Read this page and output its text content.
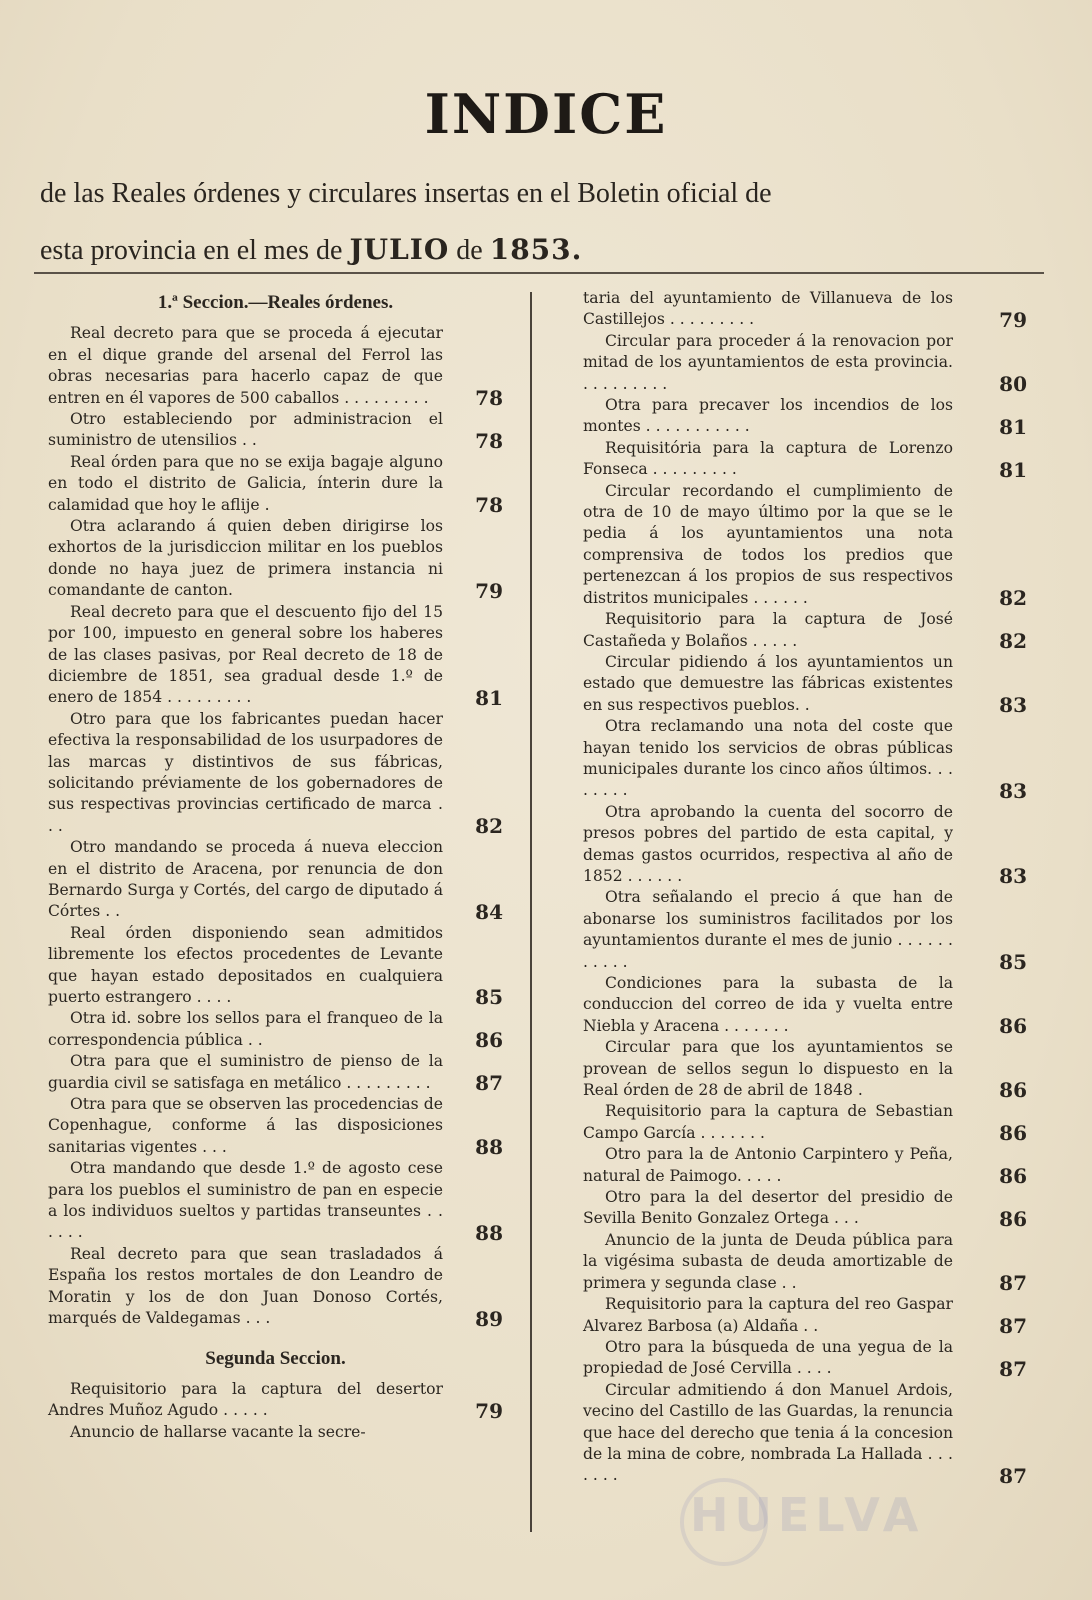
INDICE
de las Reales órdenes y circulares insertas en el Boletin oficial de
esta provincia en el mes de JULIO de 1853.
1.ª Seccion.—Reales órdenes.
Real decreto para que se proceda á ejecutar en el dique grande del arsenal del Ferrol las obras necesarias para hacerlo capaz de que entren en él vapores de 500 caballos . . . . . . . . .	78
Otro estableciendo por administracion el suministro de utensilios . .	78
Real órden para que no se exija bagaje alguno en todo el distrito de Galicia, ínterin dure la calamidad que hoy le aflije .	78
Otra aclarando á quien deben dirigirse los exhortos de la jurisdiccion militar en los pueblos donde no haya juez de primera instancia ni comandante de canton.	79
Real decreto para que el descuento fijo del 15 por 100, impuesto en general sobre los haberes de las clases pasivas, por Real decreto de 18 de diciembre de 1851, sea gradual desde 1.º de enero de 1854 . . . . . . . . .	81
Otro para que los fabricantes puedan hacer efectiva la responsabilidad de los usurpadores de las marcas y distintivos de sus fábricas, solicitando préviamente de los gobernadores de sus respectivas provincias certificado de marca . . .	82
Otro mandando se proceda á nueva eleccion en el distrito de Aracena, por renuncia de don Bernardo Surga y Cortés, del cargo de diputado á Córtes . .	84
Real órden disponiendo sean admitidos libremente los efectos procedentes de Levante que hayan estado depositados en cualquiera puerto estrangero . . . .	85
Otra id. sobre los sellos para el franqueo de la correspondencia pública . .	86
Otra para que el suministro de pienso de la guardia civil se satisfaga en metálico . . . . . . . . .	87
Otra para que se observen las procedencias de Copenhague, conforme á las disposiciones sanitarias vigentes . . .	88
Otra mandando que desde 1.º de agosto cese para los pueblos el suministro de pan en especie a los individuos sueltos y partidas transeuntes . . . . . .	88
Real decreto para que sean trasladados á España los restos mortales de don Leandro de Moratin y los de don Juan Donoso Cortés, marqués de Valdegamas . . .	89
Segunda Seccion.
Requisitorio para la captura del desertor Andres Muñoz Agudo . . . . .	79
Anuncio de hallarse vacante la secre-
taria del ayuntamiento de Villanueva de los Castillejos . . . . . . . . .	79
Circular para proceder á la renovacion por mitad de los ayuntamientos de esta provincia. . . . . . . . . .	80
Otra para precaver los incendios de los montes . . . . . . . . . . .	81
Requisitória para la captura de Lorenzo Fonseca . . . . . . . . .	81
Circular recordando el cumplimiento de otra de 10 de mayo último por la que se le pedia á los ayuntamientos una nota comprensiva de todos los predios que pertenezcan á los propios de sus respectivos distritos municipales . . . . . .	82
Requisitorio para la captura de José Castañeda y Bolaños . . . . .	82
Circular pidiendo á los ayuntamientos un estado que demuestre las fábricas existentes en sus respectivos pueblos. .	83
Otra reclamando una nota del coste que hayan tenido los servicios de obras públicas municipales durante los cinco años últimos. . . . . . . .	83
Otra aprobando la cuenta del socorro de presos pobres del partido de esta capital, y demas gastos ocurridos, respectiva al año de 1852 . . . . . .	83
Otra señalando el precio á que han de abonarse los suministros facilitados por los ayuntamientos durante el mes de junio . . . . . . . . . . .	85
Condiciones para la subasta de la conduccion del correo de ida y vuelta entre Niebla y Aracena . . . . . . .	86
Circular para que los ayuntamientos se provean de sellos segun lo dispuesto en la Real órden de 28 de abril de 1848 .	86
Requisitorio para la captura de Sebastian Campo García . . . . . . .	86
Otro para la de Antonio Carpintero y Peña, natural de Paimogo. . . . .	86
Otro para la del desertor del presidio de Sevilla Benito Gonzalez Ortega . . .	86
Anuncio de la junta de Deuda pública para la vigésima subasta de deuda amortizable de primera y segunda clase . .	87
Requisitorio para la captura del reo Gaspar Alvarez Barbosa (a) Aldaña . .	87
Otro para la búsqueda de una yegua de la propiedad de José Cervilla . . . .	87
Circular admitiendo á don Manuel Ardois, vecino del Castillo de las Guardas, la renuncia que hace del derecho que tenia á la concesion de la mina de cobre, nombrada La Hallada . . . . . . .	87
HUELVA
